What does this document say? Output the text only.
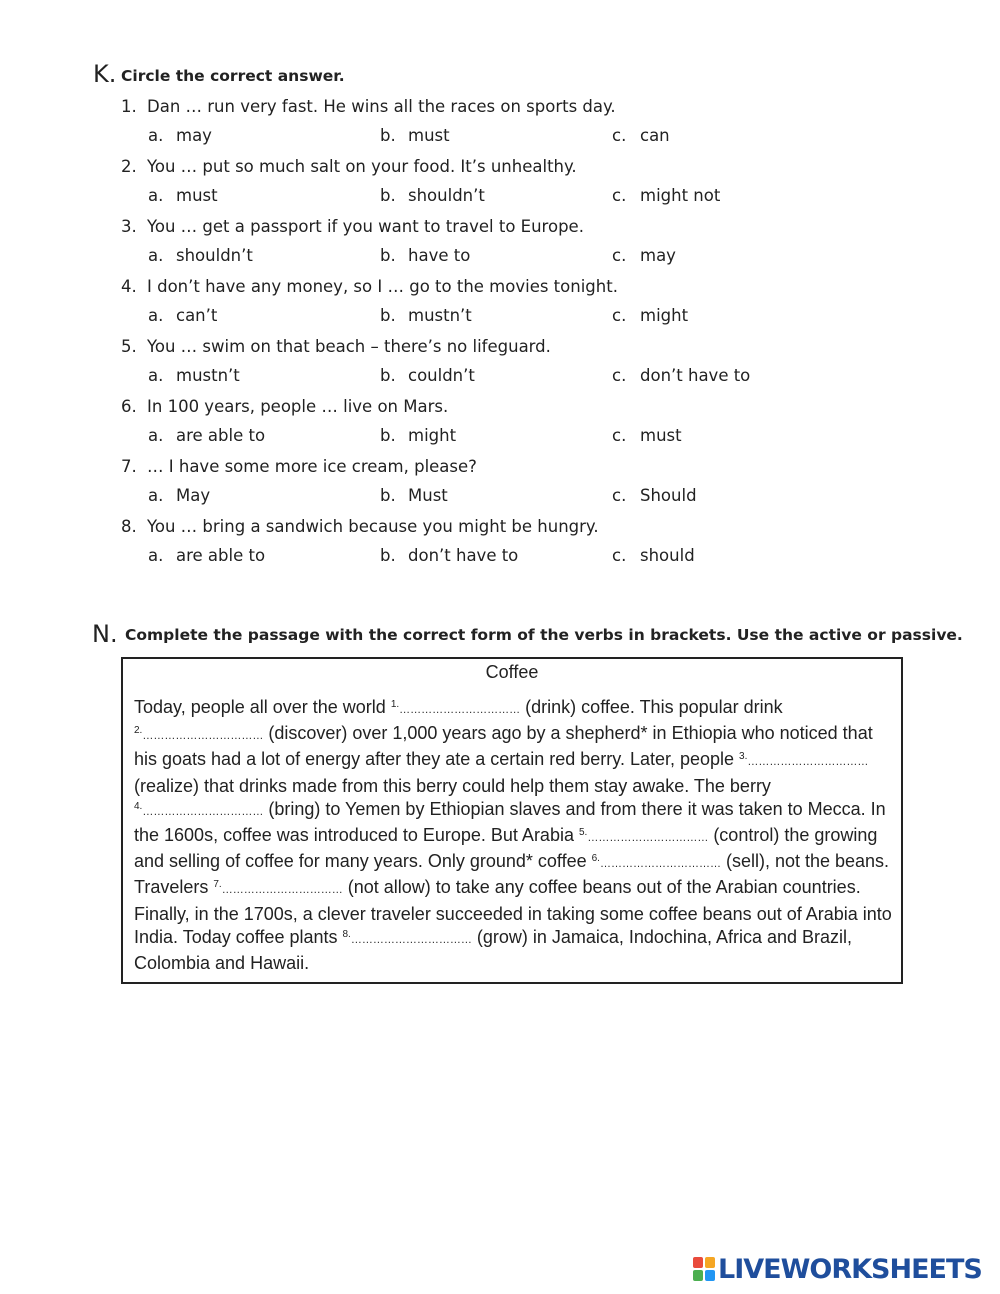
K. Circle the correct answer.
1. Dan … run very fast. He wins all the races on sports day.
a. may	b. must	c. can
2. You … put so much salt on your food. It’s unhealthy.
a. must	b. shouldn’t	c. might not
3. You … get a passport if you want to travel to Europe.
a. shouldn’t	b. have to	c. may
4. I don’t have any money, so I … go to the movies tonight.
a. can’t	b. mustn’t	c. might
5. You … swim on that beach – there’s no lifeguard.
a. mustn’t	b. couldn’t	c. don’t have to
6. In 100 years, people … live on Mars.
a. are able to	b. might	c. must
7. … I have some more ice cream, please?
a. May	b. Must	c. Should
8. You … bring a sandwich because you might be hungry.
a. are able to	b. don’t have to	c. should
N. Complete the passage with the correct form of the verbs in brackets. Use the active or passive.
Coffee
Today, people all over the world $^{1.}$…………………………… (drink) coffee. This popular drink $^{2.}$…………………………… (discover) over 1,000 years ago by a shepherd* in Ethiopia who noticed that his goats had a lot of energy after they ate a certain red berry. Later, people $^{3.}$…………………………… (realize) that drinks made from this berry could help them stay awake. The berry $^{4.}$…………………………… (bring) to Yemen by Ethiopian slaves and from there it was taken to Mecca. In the 1600s, coffee was introduced to Europe. But Arabia $^{5.}$…………………………… (control) the growing and selling of coffee for many years. Only ground* coffee $^{6.}$…………………………… (sell), not the beans. Travelers $^{7.}$…………………………… (not allow) to take any coffee beans out of the Arabian countries. Finally, in the 1700s, a clever traveler succeeded in taking some coffee beans out of Arabia into India. Today coffee plants $^{8.}$…………………………… (grow) in Jamaica, Indochina, Africa and Brazil, Colombia and Hawaii.
LIVEWORKSHEETS
